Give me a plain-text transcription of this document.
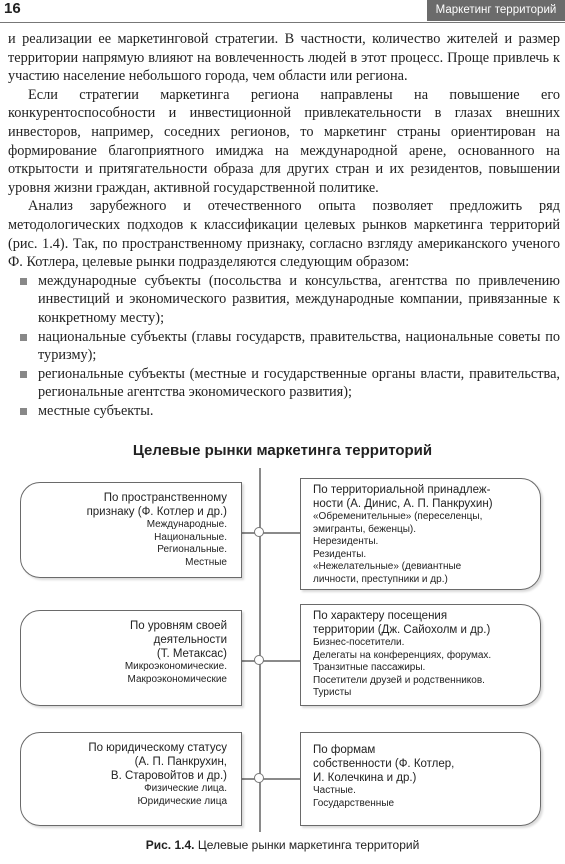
16	Маркетинг территорий

и реализации ее маркетинговой стратегии. В частности, количество жителей и размер территории напрямую влияют на вовлеченность людей в этот процесс. Проще привлечь к участию население небольшого города, чем области или региона.

Если стратегии маркетинга региона направлены на повышение его конкурентоспособности и инвестиционной привлекательности в глазах внешних инвесторов, например, соседних регионов, то маркетинг страны ориентирован на формирование благоприятного имиджа на международной арене, основанного на открытости и притягательности образа для других стран и их резидентов, повышении уровня жизни граждан, активной государственной политике.

Анализ зарубежного и отечественного опыта позволяет предложить ряд методологических подходов к классификации целевых рынков маркетинга территорий (рис. 1.4). Так, по пространственному признаку, согласно взгляду американского ученого Ф. Котлера, целевые рынки подразделяются следующим образом:

международные субъекты (посольства и консульства, агентства по привлечению инвестиций и экономического развития, международные компании, привязанные к конкретному месту);
национальные субъекты (главы государств, правительства, национальные советы по туризму);
региональные субъекты (местные и государственные органы власти, правительства, региональные агентства экономического развития);
местные субъекты.
Целевые рынки маркетинга территорий
По пространственному
признаку (Ф. Котлер и др.)
Международные.
Национальные.
Региональные.
Местные
По уровням своей
деятельности
(Т. Метаксас)
Микроэкономические.
Макроэкономические
По юридическому статусу
(А. П. Панкрухин,
В. Старовойтов и др.)
Физические лица.
Юридические лица
По территориальной принадлеж-
ности (А. Динис, А. П. Панкрухин)
«Обременительные» (переселенцы,
эмигранты, беженцы).
Нерезиденты.
Резиденты.
«Нежелательные» (девиантные
личности, преступники и др.)
По характеру посещения
территории (Дж. Сайохолм и др.)
Бизнес-посетители.
Делегаты на конференциях, форумах.
Транзитные пассажиры.
Посетители друзей и родственников.
Туристы
По формам
собственности (Ф. Котлер,
И. Колечкина и др.)
Частные.
Государственные
Рис. 1.4. Целевые рынки маркетинга территорий
